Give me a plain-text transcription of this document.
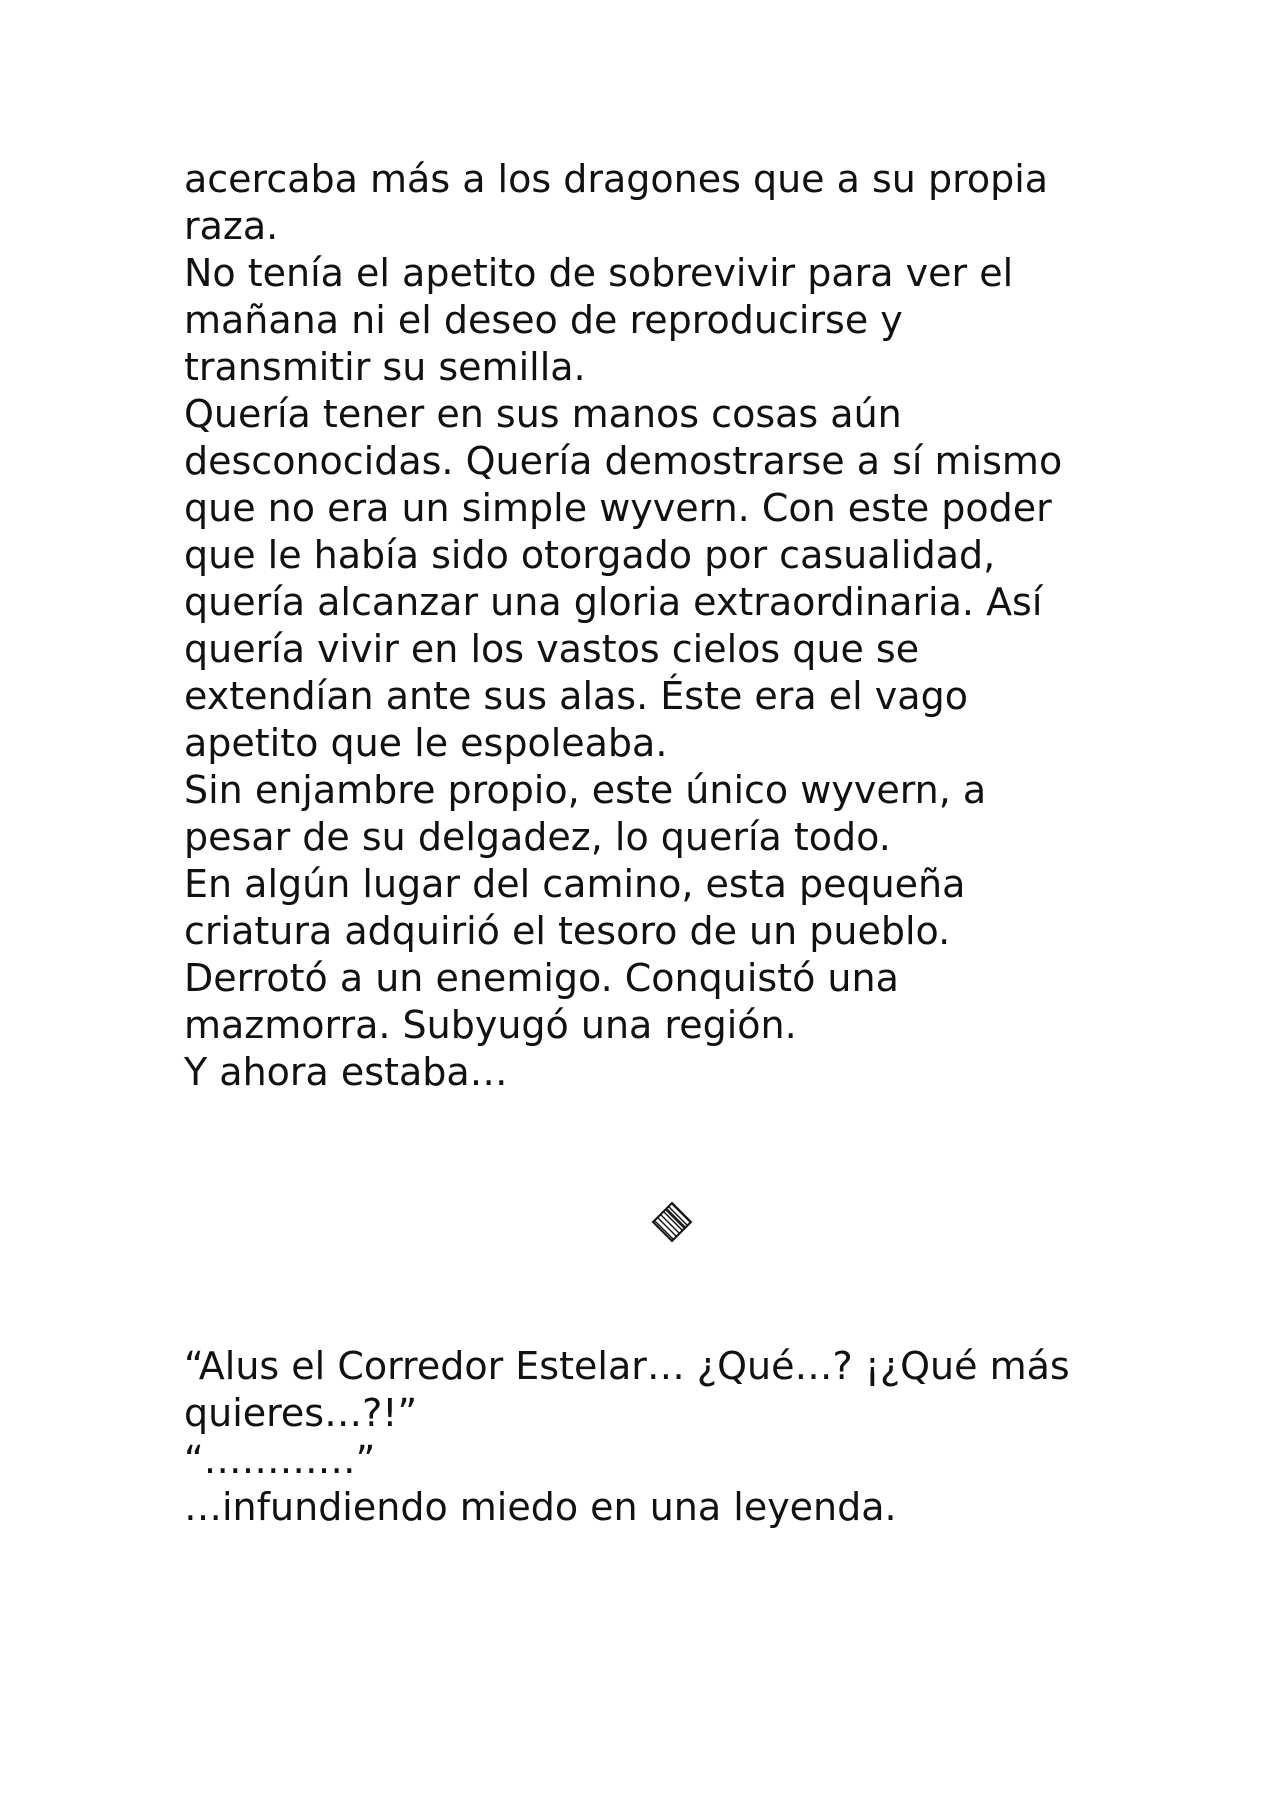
acercaba más a los dragones que a su propia

raza.

No tenía el apetito de sobrevivir para ver el

mañana ni el deseo de reproducirse y

transmitir su semilla.

Quería tener en sus manos cosas aún

desconocidas. Quería demostrarse a sí mismo

que no era un simple wyvern. Con este poder

que le había sido otorgado por casualidad,

quería alcanzar una gloria extraordinaria. Así

quería vivir en los vastos cielos que se

extendían ante sus alas. Éste era el vago

apetito que le espoleaba.

Sin enjambre propio, este único wyvern, a

pesar de su delgadez, lo quería todo.

En algún lugar del camino, esta pequeña

criatura adquirió el tesoro de un pueblo.

Derrotó a un enemigo. Conquistó una

mazmorra. Subyugó una región.

Y ahora estaba…

“Alus el Corredor Estelar… ¿Qué…? ¡¿Qué más

quieres…?!”

“…………”

…infundiendo miedo en una leyenda.
